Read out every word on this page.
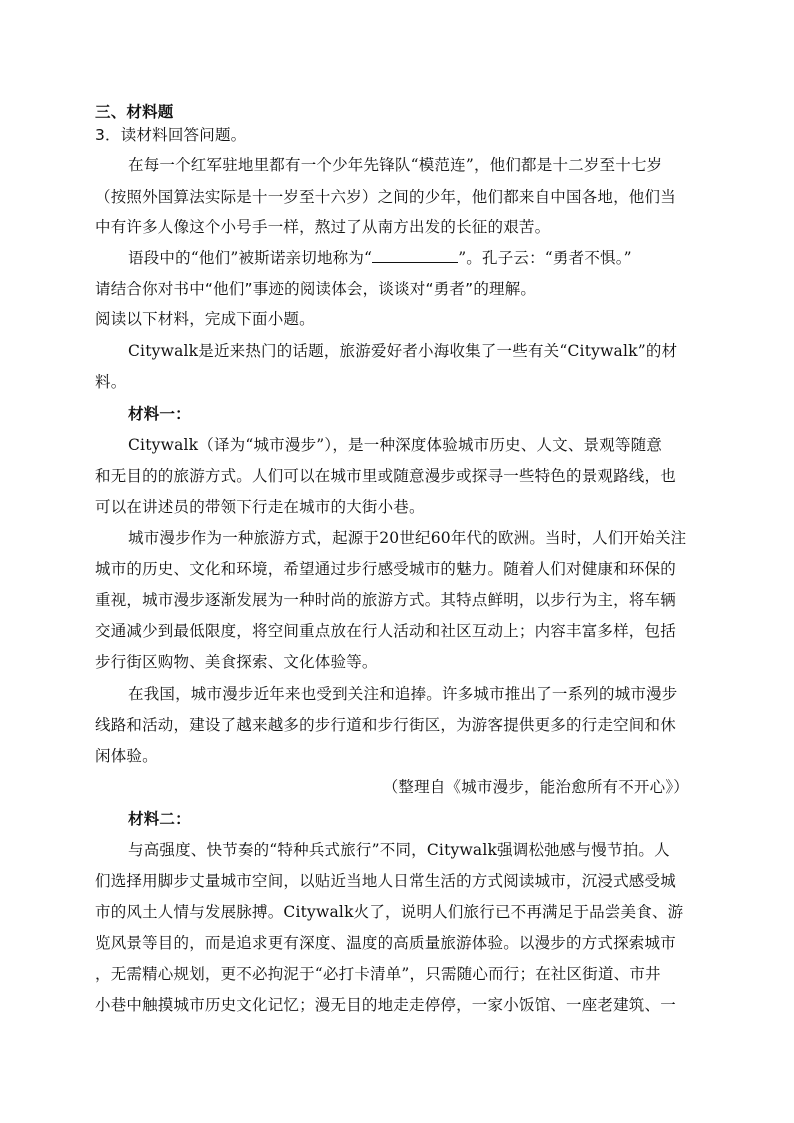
三、材料题
3．读材料回答问题。
在每一个红军驻地里都有一个少年先锋队“模范连”，他们都是十二岁至十七岁
（按照外国算法实际是十一岁至十六岁）之间的少年，他们都来自中国各地，他们当
中有许多人像这个小号手一样，熬过了从南方出发的长征的艰苦。
语段中的“他们”被斯诺亲切地称为“	”。孔子云：“勇者不惧。”
请结合你对书中“他们”事迹的阅读体会，谈谈对“勇者”的理解。
阅读以下材料，完成下面小题。
Citywalk是近来热门的话题，旅游爱好者小海收集了一些有关“Citywalk”的材
料。
材料一：
Citywalk（译为“城市漫步”），是一种深度体验城市历史、人文、景观等随意
和无目的的旅游方式。人们可以在城市里或随意漫步或探寻一些特色的景观路线，也
可以在讲述员的带领下行走在城市的大街小巷。
城市漫步作为一种旅游方式，起源于20世纪60年代的欧洲。当时，人们开始关注
城市的历史、文化和环境，希望通过步行感受城市的魅力。随着人们对健康和环保的
重视，城市漫步逐渐发展为一种时尚的旅游方式。其特点鲜明，以步行为主，将车辆
交通减少到最低限度，将空间重点放在行人活动和社区互动上；内容丰富多样，包括
步行街区购物、美食探索、文化体验等。
在我国，城市漫步近年来也受到关注和追捧。许多城市推出了一系列的城市漫步
线路和活动，建设了越来越多的步行道和步行街区，为游客提供更多的行走空间和休
闲体验。
（整理自《城市漫步，能治愈所有不开心》）
材料二：
与高强度、快节奏的“特种兵式旅行”不同，Citywalk强调松弛感与慢节拍。人
们选择用脚步丈量城市空间，以贴近当地人日常生活的方式阅读城市，沉浸式感受城
市的风土人情与发展脉搏。Citywalk火了，说明人们旅行已不再满足于品尝美食、游
览风景等目的，而是追求更有深度、温度的高质量旅游体验。以漫步的方式探索城市
，无需精心规划，更不必拘泥于“必打卡清单”，只需随心而行；在社区街道、市井
小巷中触摸城市历史文化记忆；漫无目的地走走停停，一家小饭馆、一座老建筑、一
